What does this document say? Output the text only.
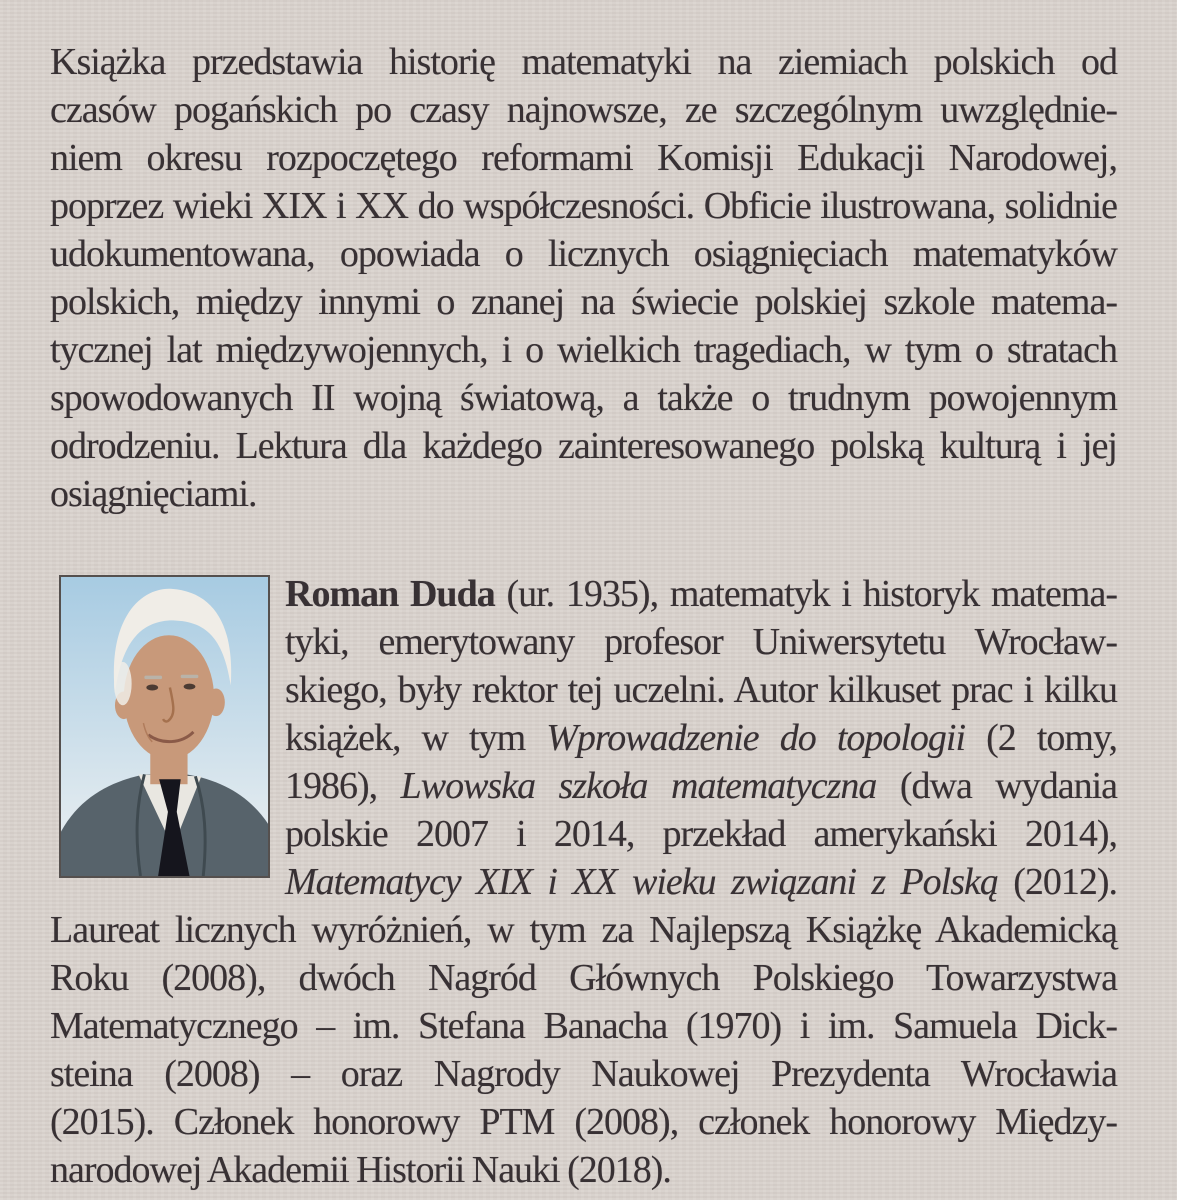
Książka przedstawia historię matematyki na ziemiach polskich od
czasów pogańskich po czasy najnowsze, ze szczególnym uwzględnie-
niem okresu rozpoczętego reformami Komisji Edukacji Narodowej,
poprzez wieki XIX i XX do współczesności. Obficie ilustrowana, solidnie
udokumentowana, opowiada o licznych osiągnięciach matematyków
polskich, między innymi o znanej na świecie polskiej szkole matema-
tycznej lat międzywojennych, i o wielkich tragediach, w tym o stratach
spowodowanych II wojną światową, a także o trudnym powojennym
odrodzeniu. Lektura dla każdego zainteresowanego polską kulturą i jej
osiągnięciami.
Roman Duda (ur. 1935), matematyk i historyk matema-
tyki, emerytowany profesor Uniwersytetu Wrocław-
skiego, były rektor tej uczelni. Autor kilkuset prac i kilku
książek, w tym Wprowadzenie do topologii (2 tomy,
1986), Lwowska szkoła matematyczna (dwa wydania
polskie 2007 i 2014, przekład amerykański 2014),
Matematycy XIX i XX wieku związani z Polską (2012).
Laureat licznych wyróżnień, w tym za Najlepszą Książkę Akademicką
Roku (2008), dwóch Nagród Głównych Polskiego Towarzystwa
Matematycznego – im. Stefana Banacha (1970) i im. Samuela Dick-
steina (2008) – oraz Nagrody Naukowej Prezydenta Wrocławia
(2015). Członek honorowy PTM (2008), członek honorowy Między-
narodowej Akademii Historii Nauki (2018).
